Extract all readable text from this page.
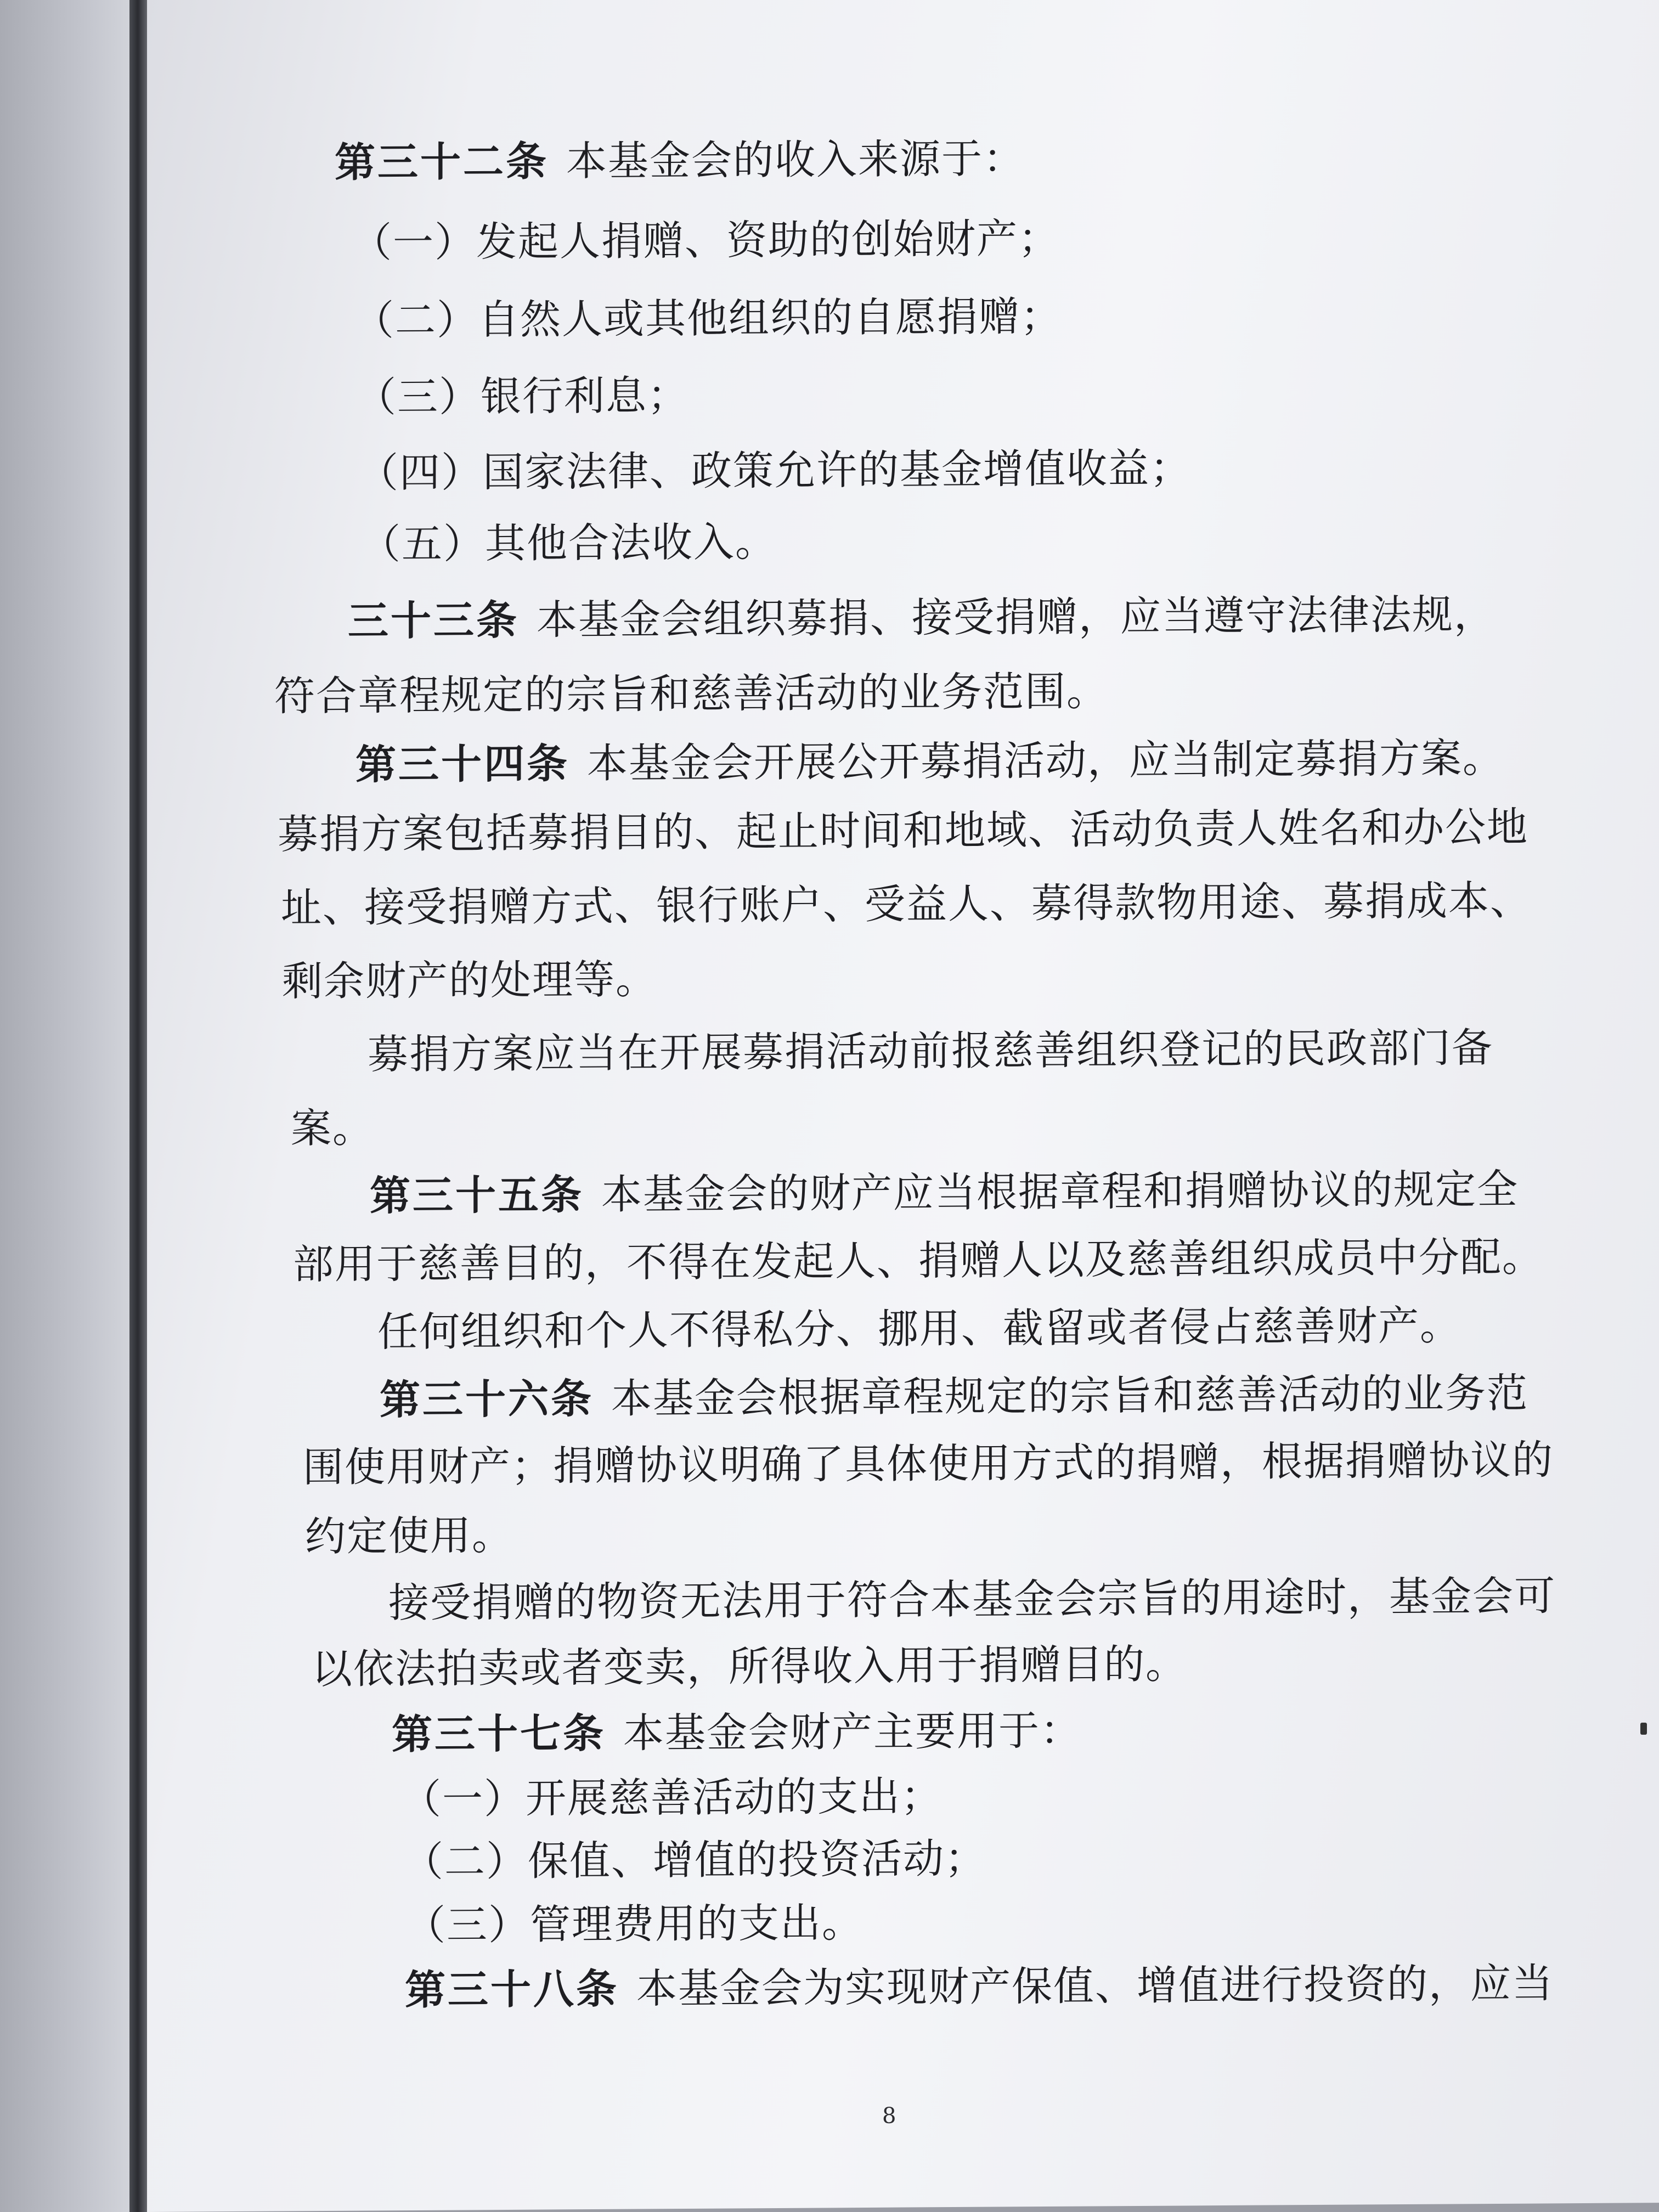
第三十二条 本基金会的收入来源于：
（一）发起人捐赠、资助的创始财产；
（二）自然人或其他组织的自愿捐赠；
（三）银行利息；
（四）国家法律、政策允许的基金增值收益；
（五）其他合法收入。
三十三条 本基金会组织募捐、接受捐赠，应当遵守法律法规，
符合章程规定的宗旨和慈善活动的业务范围。
第三十四条 本基金会开展公开募捐活动，应当制定募捐方案。
募捐方案包括募捐目的、起止时间和地域、活动负责人姓名和办公地
址、接受捐赠方式、银行账户、受益人、募得款物用途、募捐成本、
剩余财产的处理等。
募捐方案应当在开展募捐活动前报慈善组织登记的民政部门备
案。
第三十五条 本基金会的财产应当根据章程和捐赠协议的规定全
部用于慈善目的，不得在发起人、捐赠人以及慈善组织成员中分配。
任何组织和个人不得私分、挪用、截留或者侵占慈善财产。
第三十六条 本基金会根据章程规定的宗旨和慈善活动的业务范
围使用财产；捐赠协议明确了具体使用方式的捐赠，根据捐赠协议的
约定使用。
接受捐赠的物资无法用于符合本基金会宗旨的用途时，基金会可
以依法拍卖或者变卖，所得收入用于捐赠目的。
第三十七条 本基金会财产主要用于：
（一）开展慈善活动的支出；
（二）保值、增值的投资活动；
（三）管理费用的支出。
第三十八条 本基金会为实现财产保值、增值进行投资的，应当
8
